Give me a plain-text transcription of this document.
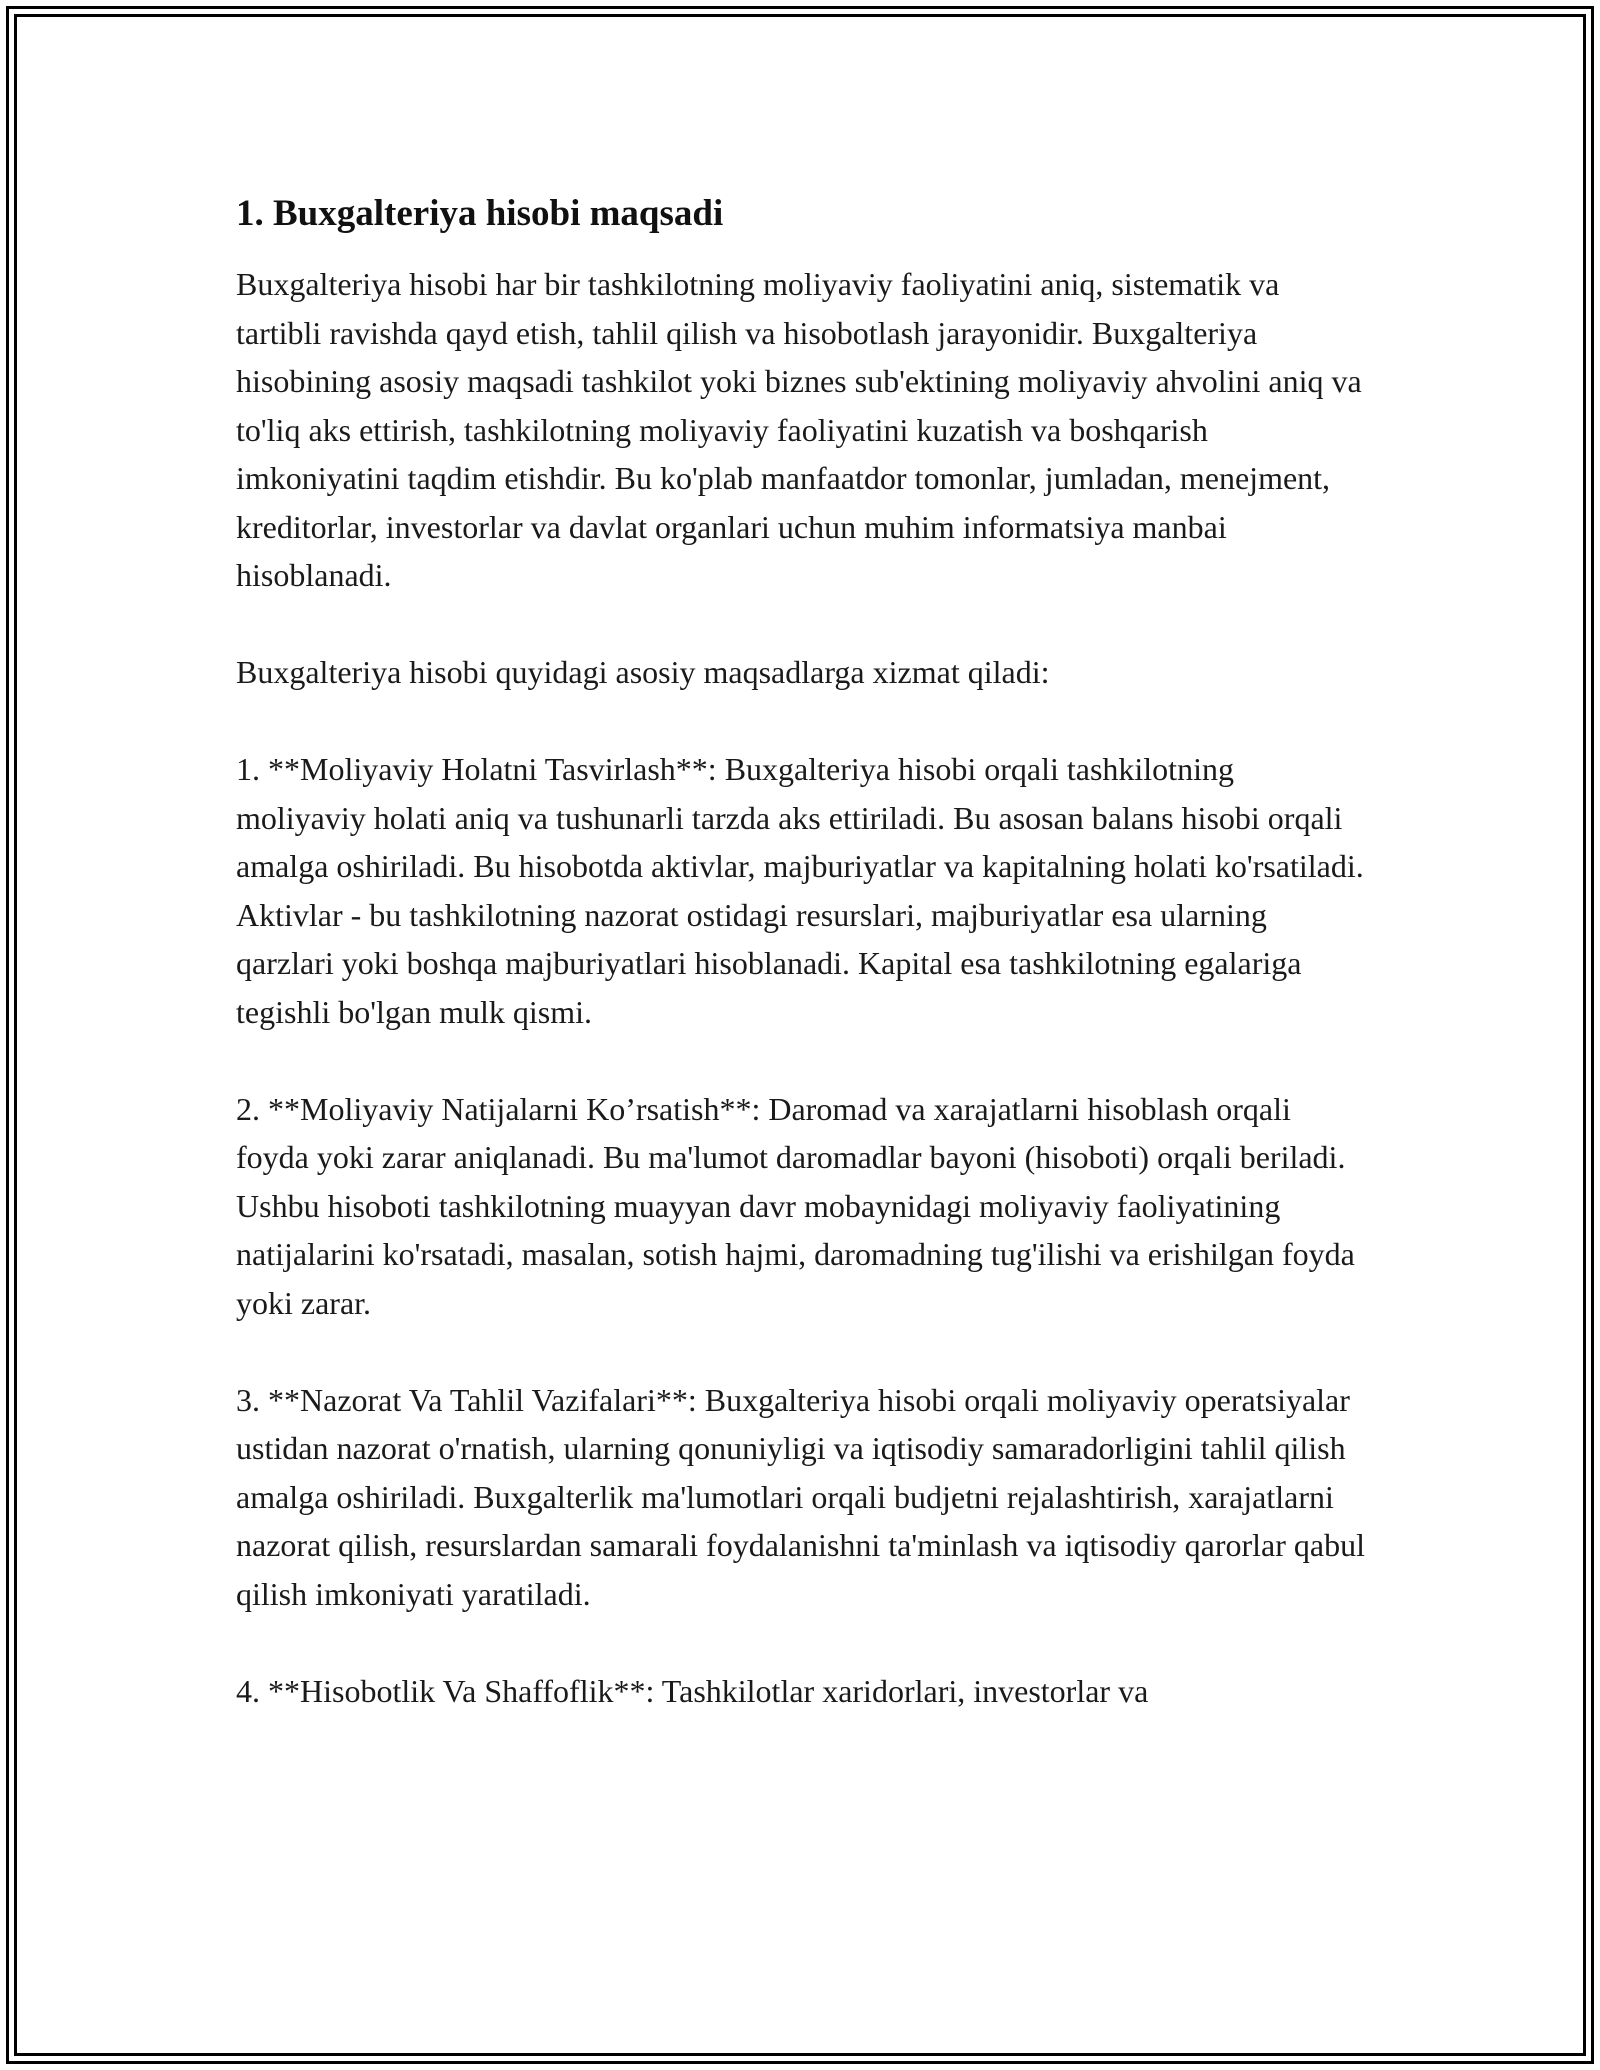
1. Buxgalteriya hisobi maqsadi

Buxgalteriya hisobi har bir tashkilotning moliyaviy faoliyatini aniq, sistematik va tartibli ravishda qayd etish, tahlil qilish va hisobotlash jarayonidir. Buxgalteriya hisobining asosiy maqsadi tashkilot yoki biznes sub'ektining moliyaviy ahvolini aniq va to'liq aks ettirish, tashkilotning moliyaviy faoliyatini kuzatish va boshqarish imkoniyatini taqdim etishdir. Bu ko'plab manfaatdor tomonlar, jumladan, menejment, kreditorlar, investorlar va davlat organlari uchun muhim informatsiya manbai hisoblanadi.

Buxgalteriya hisobi quyidagi asosiy maqsadlarga xizmat qiladi:

1. **Moliyaviy Holatni Tasvirlash**: Buxgalteriya hisobi orqali tashkilotning moliyaviy holati aniq va tushunarli tarzda aks ettiriladi. Bu asosan balans hisobi orqali amalga oshiriladi. Bu hisobotda aktivlar, majburiyatlar va kapitalning holati ko'rsatiladi. Aktivlar - bu tashkilotning nazorat ostidagi resurslari, majburiyatlar esa ularning qarzlari yoki boshqa majburiyatlari hisoblanadi. Kapital esa tashkilotning egalariga tegishli bo'lgan mulk qismi.

2. **Moliyaviy Natijalarni Ko’rsatish**: Daromad va xarajatlarni hisoblash orqali foyda yoki zarar aniqlanadi. Bu ma'lumot daromadlar bayoni (hisoboti) orqali beriladi. Ushbu hisoboti tashkilotning muayyan davr mobaynidagi moliyaviy faoliyatining natijalarini ko'rsatadi, masalan, sotish hajmi, daromadning tug'ilishi va erishilgan foyda yoki zarar.

3. **Nazorat Va Tahlil Vazifalari**: Buxgalteriya hisobi orqali moliyaviy operatsiyalar ustidan nazorat o'rnatish, ularning qonuniyligi va iqtisodiy samaradorligini tahlil qilish amalga oshiriladi. Buxgalterlik ma'lumotlari orqali budjetni rejalashtirish, xarajatlarni nazorat qilish, resurslardan samarali foydalanishni ta'minlash va iqtisodiy qarorlar qabul qilish imkoniyati yaratiladi.

4. **Hisobotlik Va Shaffoflik**: Tashkilotlar xaridorlari, investorlar va
